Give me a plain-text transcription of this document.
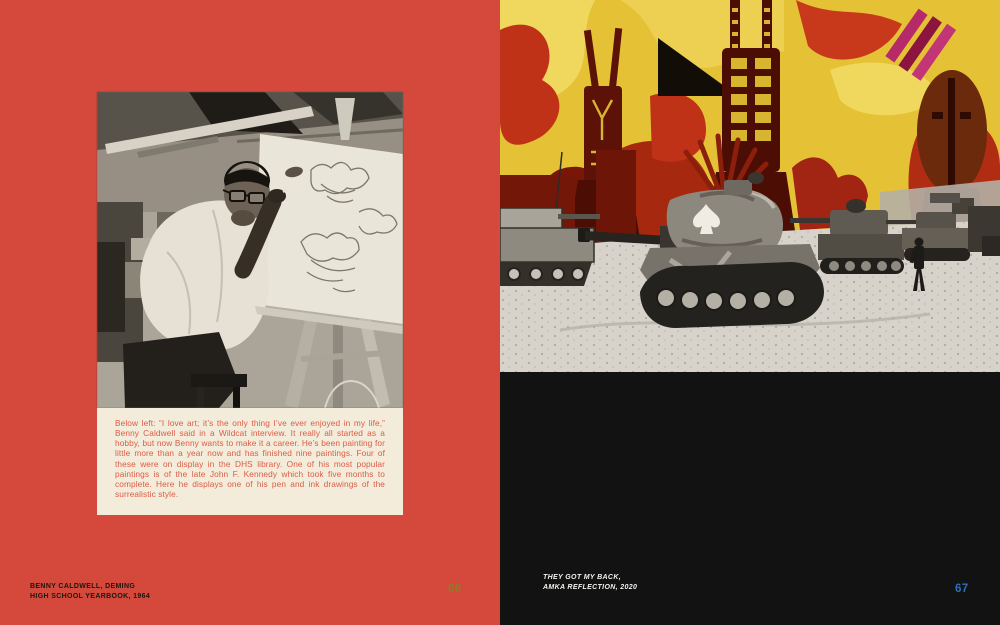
Below left: “I love art; it’s the only thing I’ve ever enjoyed in my life,” Benny Caldwell said in a Wildcat interview. It really all started as a hobby, but now Benny wants to make it a career. He’s been painting for little more than a year now and has finished nine paintings. Four of these were on display in the DHS library. One of his most popular paintings is of the late John F. Kennedy which took five months to complete. Here he displays one of his pen and ink drawings of the surrealistic style.

BENNY CALDWELL, DEMING
HIGH SCHOOL YEARBOOK, 1964
66
THEY GOT MY BACK,
AMKA REFLECTION, 2020	67
